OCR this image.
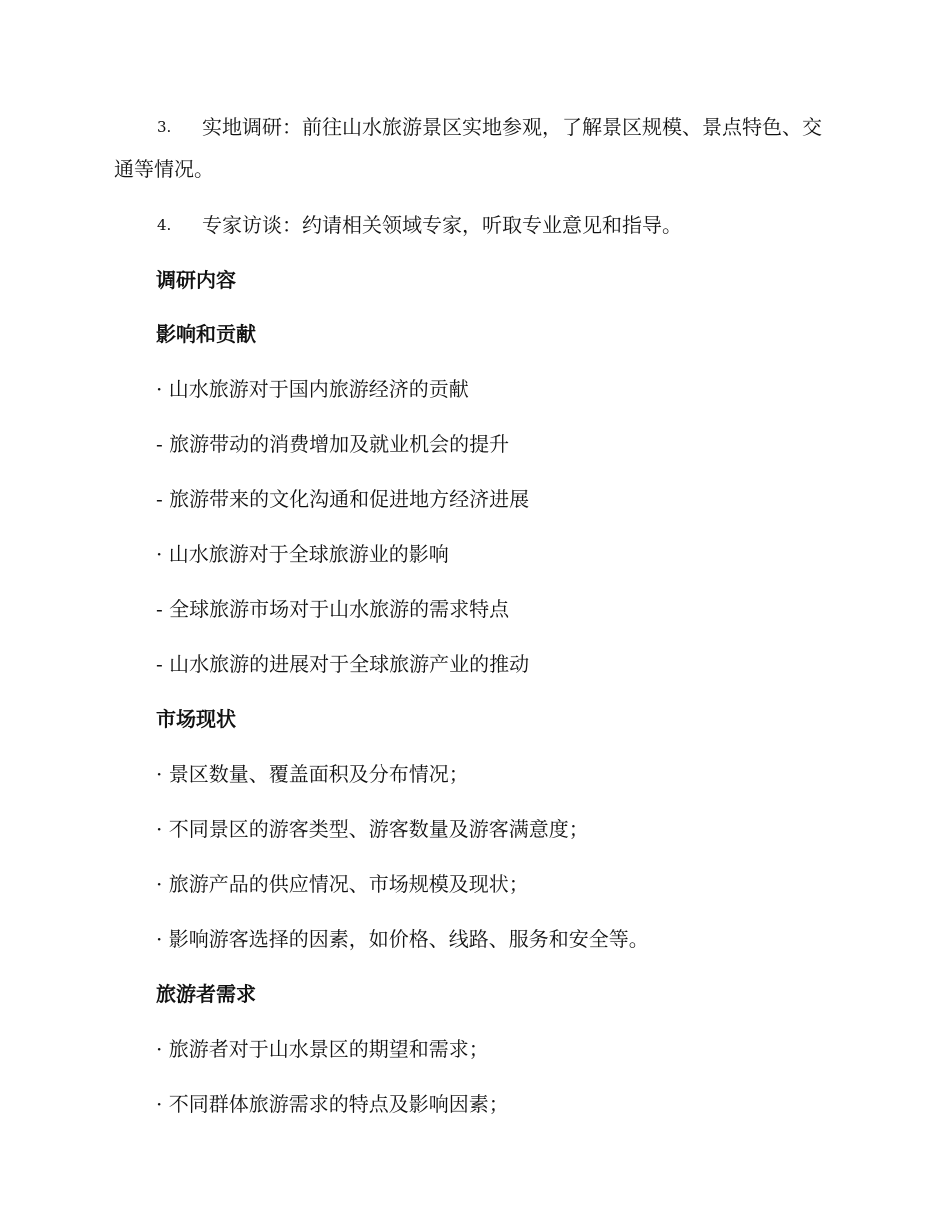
3. 实地调研：前往山水旅游景区实地参观，了解景区规模、景点特色、交通等情况。
4. 专家访谈：约请相关领域专家，听取专业意见和指导。
调研内容
影响和贡献
· 山水旅游对于国内旅游经济的贡献
- 旅游带动的消费增加及就业机会的提升
- 旅游带来的文化沟通和促进地方经济进展
· 山水旅游对于全球旅游业的影响
- 全球旅游市场对于山水旅游的需求特点
- 山水旅游的进展对于全球旅游产业的推动
市场现状
· 景区数量、覆盖面积及分布情况；
· 不同景区的游客类型、游客数量及游客满意度；
· 旅游产品的供应情况、市场规模及现状；
· 影响游客选择的因素，如价格、线路、服务和安全等。
旅游者需求
· 旅游者对于山水景区的期望和需求；
· 不同群体旅游需求的特点及影响因素；
